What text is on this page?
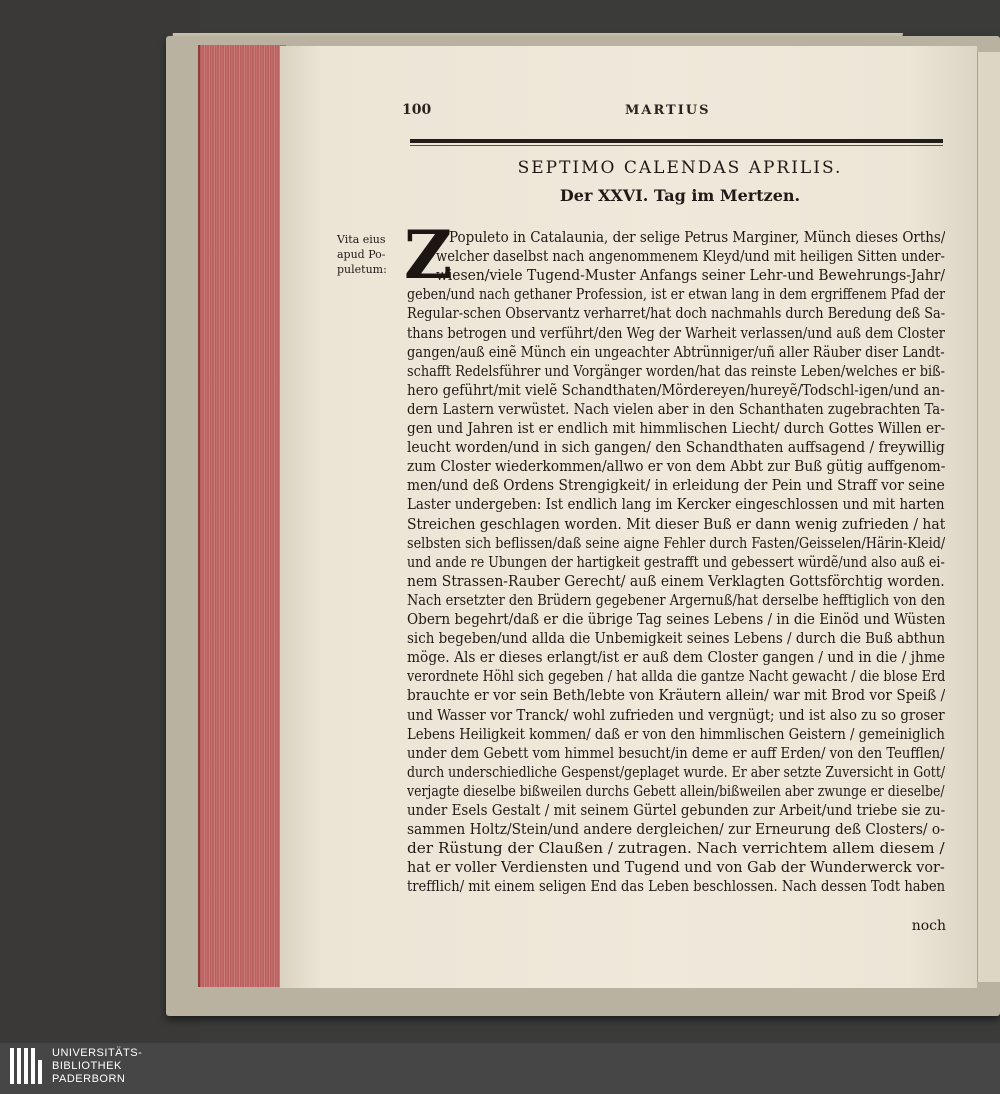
100	MARTIUS
SEPTIMO CALENDAS APRILIS.
Der XXVI. Tag im Mertzen.
Vita eius
apud Po-
puletum: Z
u Populeto in Catalaunia, der selige Petrus Marginer, Münch dieses Orths/
welcher daselbst nach angenommenem Kleyd/und mit heiligen Sitten under-
wiesen/viele Tugend-Muster Anfangs seiner Lehr-und Bewehrungs-Jahr/
geben/und nach gethaner Profession, ist er etwan lang in dem ergriffenem Pfad der
Regular-schen Observantz verharret/hat doch nachmahls durch Beredung deß Sa-
thans betrogen und verführt/den Weg der Warheit verlassen/und auß dem Closter
gangen/auß einẽ Münch ein ungeachter Abtrünniger/uñ aller Räuber diser Landt-
schafft Redelsführer und Vorgänger worden/hat das reinste Leben/welches er biß-
hero geführt/mit vielẽ Schandthaten/Mördereyen/hureyẽ/Todschl-igen/und an-
dern Lastern verwüstet. Nach vielen aber in den Schanthaten zugebrachten Ta-
gen und Jahren ist er endlich mit himmlischen Liecht/ durch Gottes Willen er-
leucht worden/und in sich gangen/ den Schandthaten auffsagend / freywillig
zum Closter wiederkommen/allwo er von dem Abbt zur Buß gütig auffgenom-
men/und deß Ordens Strengigkeit/ in erleidung der Pein und Straff vor seine
Laster undergeben: Ist endlich lang im Kercker eingeschlossen und mit harten
Streichen geschlagen worden. Mit dieser Buß er dann wenig zufrieden / hat
selbsten sich beflissen/daß seine aigne Fehler durch Fasten/Geisselen/Härin-Kleid/
und ande re Ubungen der hartigkeit gestrafft und gebessert würdẽ/und also auß ei-
nem Strassen-Rauber Gerecht/ auß einem Verklagten Gottsförchtig worden.
Nach ersetzter den Brüdern gegebener Argernuß/hat derselbe hefftiglich von den
Obern begehrt/daß er die übrige Tag seines Lebens / in die Einöd und Wüsten
sich begeben/und allda die Unbemigkeit seines Lebens / durch die Buß abthun
möge. Als er dieses erlangt/ist er auß dem Closter gangen / und in die / jhme
verordnete Höhl sich gegeben / hat allda die gantze Nacht gewacht / die blose Erd
brauchte er vor sein Beth/lebte von Kräutern allein/ war mit Brod vor Speiß /
und Wasser vor Tranck/ wohl zufrieden und vergnügt; und ist also zu so groser
Lebens Heiligkeit kommen/ daß er von den himmlischen Geistern / gemeiniglich
under dem Gebett vom himmel besucht/in deme er auff Erden/ von den Teufflen/
durch underschiedliche Gespenst/geplaget wurde. Er aber setzte Zuversicht in Gott/
verjagte dieselbe bißweilen durchs Gebett allein/bißweilen aber zwunge er dieselbe/
under Esels Gestalt / mit seinem Gürtel gebunden zur Arbeit/und triebe sie zu-
sammen Holtz/Stein/und andere dergleichen/ zur Erneurung deß Closters/ o-
der Rüstung der Claußen / zutragen. Nach verrichtem allem diesem /
hat er voller Verdiensten und Tugend und von Gab der Wunderwerck vor-
trefflich/ mit einem seligen End das Leben beschlossen. Nach dessen Todt haben
noch
UNIVERSITÄTS-
BIBLIOTHEK
PADERBORN
